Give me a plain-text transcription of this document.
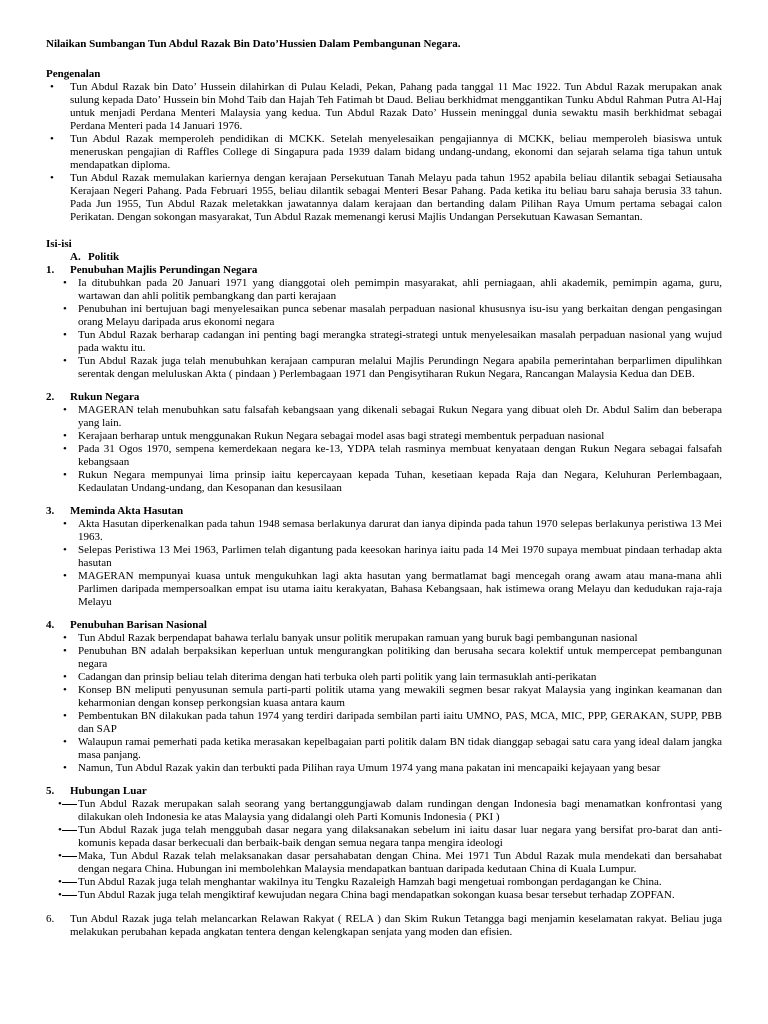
Nilaikan Sumbangan Tun Abdul Razak Bin Dato’Hussien Dalam Pembangunan Negara.
Pengenalan
• Tun Abdul Razak bin Dato’ Hussein dilahirkan di Pulau Keladi, Pekan, Pahang pada tanggal 11 Mac 1922. Tun Abdul Razak merupakan anak sulung kepada Dato’ Hussein bin Mohd Taib dan Hajah Teh Fatimah bt Daud. Beliau berkhidmat menggantikan Tunku Abdul Rahman Putra Al-Haj untuk menjadi Perdana Menteri Malaysia yang kedua. Tun Abdul Razak Dato’ Hussein meninggal dunia sewaktu masih berkhidmat sebagai Perdana Menteri pada 14 Januari 1976.
• Tun Abdul Razak memperoleh pendidikan di MCKK. Setelah menyelesaikan pengajiannya di MCKK, beliau memperoleh biasiswa untuk meneruskan pengajian di Raffles College di Singapura pada 1939 dalam bidang undang-undang, ekonomi dan sejarah selama tiga tahun untuk mendapatkan diploma.
• Tun Abdul Razak memulakan kariernya dengan kerajaan Persekutuan Tanah Melayu pada tahun 1952 apabila beliau dilantik sebagai Setiausaha Kerajaan Negeri Pahang. Pada Februari 1955, beliau dilantik sebagai Menteri Besar Pahang. Pada ketika itu beliau baru sahaja berusia 33 tahun. Pada Jun 1955, Tun Abdul Razak meletakkan jawatannya dalam kerajaan dan bertanding dalam Pilihan Raya Umum pertama sebagai calon Perikatan. Dengan sokongan masyarakat, Tun Abdul Razak memenangi kerusi Majlis Undangan Persekutuan Kawasan Semantan.
Isi-isi
A. Politik
1. Penubuhan Majlis Perundingan Negara
• Ia ditubuhkan pada 20 Januari 1971 yang dianggotai oleh pemimpin masyarakat, ahli perniagaan, ahli akademik, pemimpin agama, guru, wartawan dan ahli politik pembangkang dan parti kerajaan
• Penubuhan ini bertujuan bagi menyelesaikan punca sebenar masalah perpaduan nasional khususnya isu-isu yang berkaitan dengan pengasingan orang Melayu daripada arus ekonomi negara
• Tun Abdul Razak berharap cadangan ini penting bagi merangka strategi-strategi untuk menyelesaikan masalah perpaduan nasional yang wujud pada waktu itu.
• Tun Abdul Razak juga telah menubuhkan kerajaan campuran melalui Majlis Perundingn Negara apabila pemerintahan berparlimen dipulihkan serentak dengan meluluskan Akta ( pindaan ) Perlembagaan 1971 dan Pengisytiharan Rukun Negara, Rancangan Malaysia Kedua dan DEB.
2. Rukun Negara
• MAGERAN telah menubuhkan satu falsafah kebangsaan yang dikenali sebagai Rukun Negara yang dibuat oleh Dr. Abdul Salim dan beberapa yang lain.
• Kerajaan berharap untuk menggunakan Rukun Negara sebagai model asas bagi strategi membentuk perpaduan nasional
• Pada 31 Ogos 1970, sempena kemerdekaan negara ke-13, YDPA telah rasminya membuat kenyataan dengan Rukun Negara sebagai falsafah kebangsaan
• Rukun Negara mempunyai lima prinsip iaitu kepercayaan kepada Tuhan, kesetiaan kepada Raja dan Negara, Keluhuran Perlembagaan, Kedaulatan Undang-undang, dan Kesopanan dan kesusilaan
3. Meminda Akta Hasutan
• Akta Hasutan diperkenalkan pada tahun 1948 semasa berlakunya darurat dan ianya dipinda pada tahun 1970 selepas berlakunya peristiwa 13 Mei 1963.
• Selepas Peristiwa 13 Mei 1963, Parlimen telah digantung pada keesokan harinya iaitu pada 14 Mei 1970 supaya membuat pindaan terhadap akta hasutan
• MAGERAN mempunyai kuasa untuk mengukuhkan lagi akta hasutan yang bermatlamat bagi mencegah orang awam atau mana-mana ahli Parlimen daripada mempersoalkan empat isu utama iaitu kerakyatan, Bahasa Kebangsaan, hak istimewa orang Melayu dan kedudukan raja-raja Melayu
4. Penubuhan Barisan Nasional
• Tun Abdul Razak berpendapat bahawa terlalu banyak unsur politik merupakan ramuan yang buruk bagi pembangunan nasional
• Penubuhan BN adalah berpaksikan keperluan untuk mengurangkan politiking dan berusaha secara kolektif untuk mempercepat pembangunan negara
• Cadangan dan prinsip beliau telah diterima dengan hati terbuka oleh parti politik yang lain termasuklah anti-perikatan
• Konsep BN meliputi penyusunan semula parti-parti politik utama yang mewakili segmen besar rakyat Malaysia yang inginkan keamanan dan keharmonian dengan konsep perkongsian kuasa antara kaum
• Pembentukan BN dilakukan pada tahun 1974 yang terdiri daripada sembilan parti iaitu UMNO, PAS, MCA, MIC, PPP, GERAKAN, SUPP, PBB dan SAP
• Walaupun ramai pemerhati pada ketika merasakan kepelbagaian parti politik dalam BN tidak dianggap sebagai satu cara yang ideal dalam jangka masa panjang.
• Namun, Tun Abdul Razak yakin dan terbukti pada Pilihan raya Umum 1974 yang mana pakatan ini mencapaiki kejayaan yang besar
5. Hubungan Luar
•
Tun Abdul Razak merupakan salah seorang yang bertanggungjawab dalam rundingan dengan Indonesia bagi menamatkan konfrontasi yang dilakukan oleh Indonesia ke atas Malaysia yang didalangi oleh Parti Komunis Indonesia ( PKI )
•
Tun Abdul Razak juga telah menggubah dasar negara yang dilaksanakan sebelum ini iaitu dasar luar negara yang bersifat pro-barat dan anti-komunis kepada dasar berkecuali dan berbaik-baik dengan semua negara tanpa mengira ideologi
•
Maka, Tun Abdul Razak telah melaksanakan dasar persahabatan dengan China. Mei 1971 Tun Abdul Razak mula mendekati dan bersahabat dengan negara China. Hubungan ini membolehkan Malaysia mendapatkan bantuan daripada kedutaan China di Kuala Lumpur.
•
Tun Abdul Razak juga telah menghantar wakilnya itu Tengku Razaleigh Hamzah bagi mengetuai rombongan perdagangan ke China.
•
Tun Abdul Razak juga telah mengiktiraf kewujudan negara China bagi mendapatkan sokongan kuasa besar tersebut terhadap ZOPFAN.
6. Tun Abdul Razak juga telah melancarkan Relawan Rakyat ( RELA ) dan Skim Rukun Tetangga bagi menjamin keselamatan rakyat. Beliau juga melakukan perubahan kepada angkatan tentera dengan kelengkapan senjata yang moden dan efisien.
